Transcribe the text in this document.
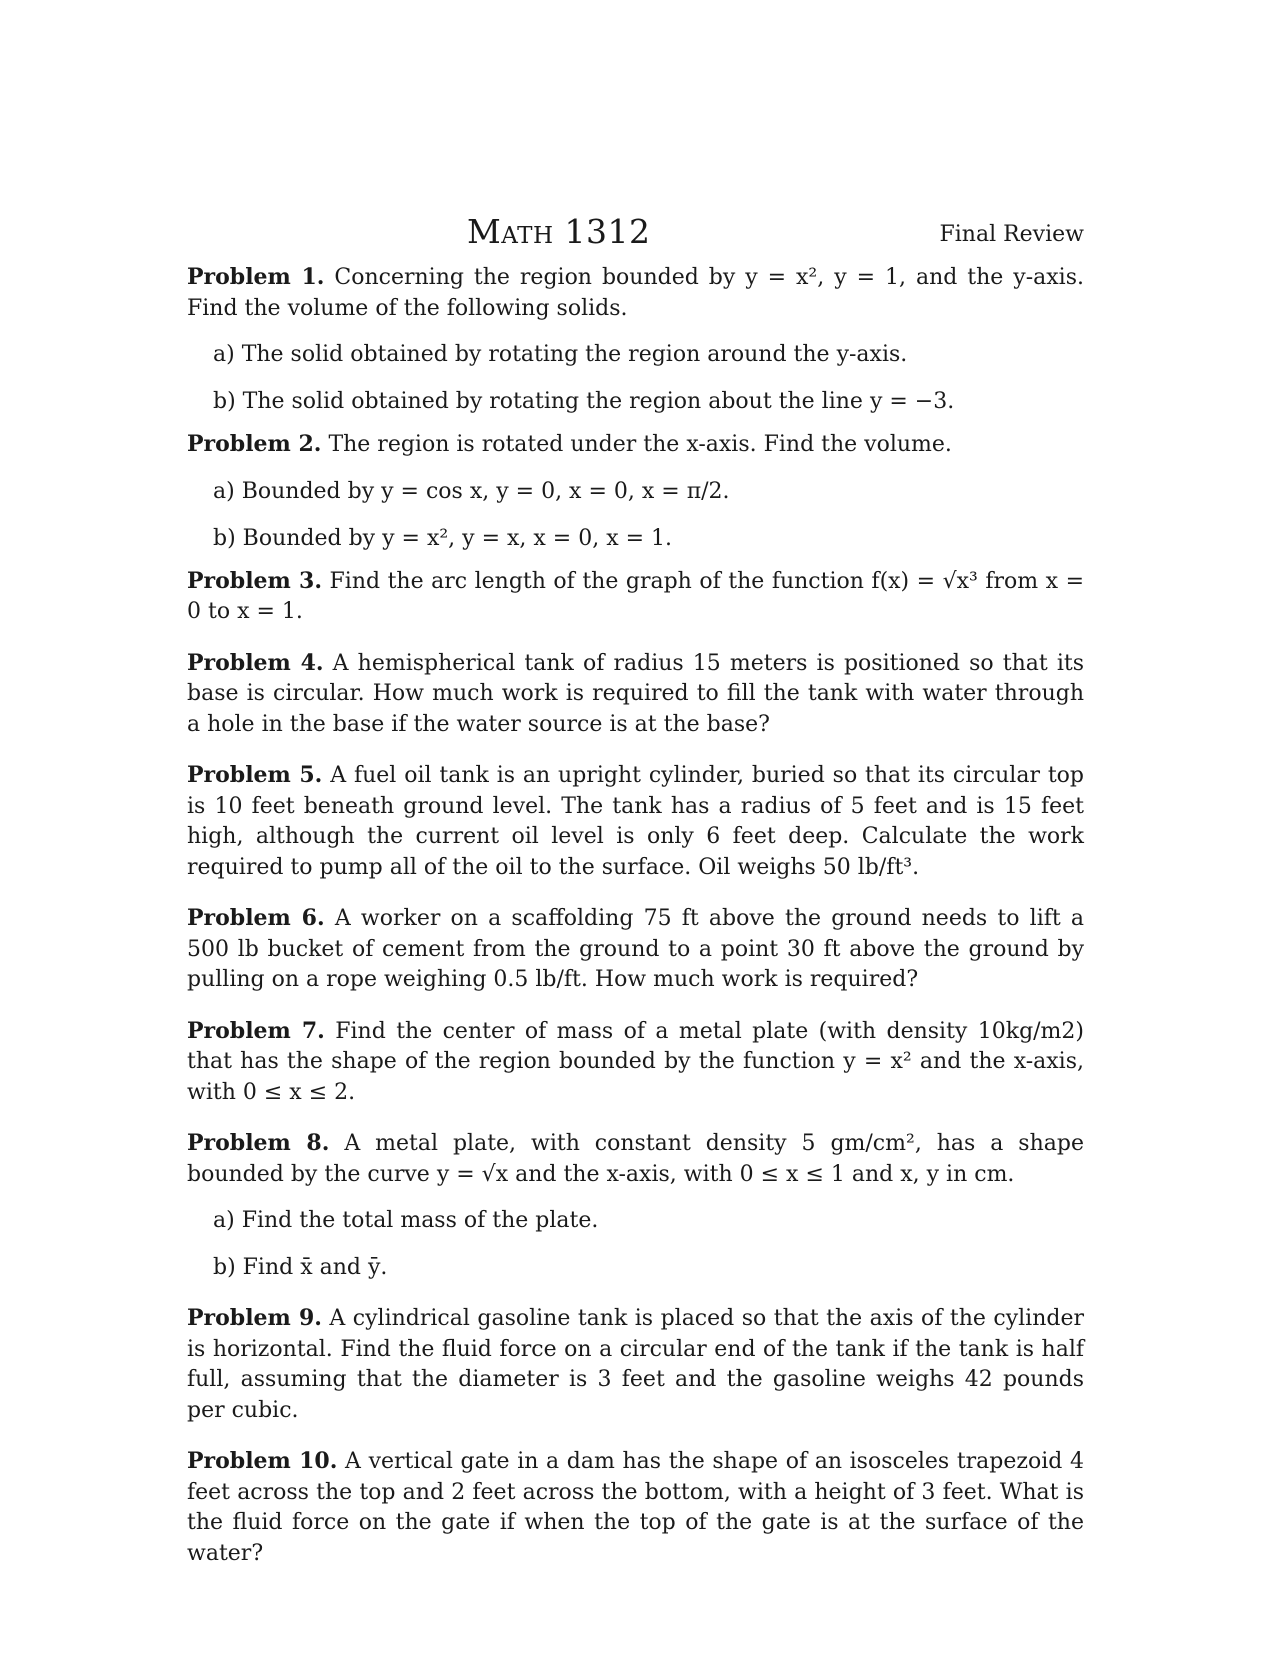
Math 1312	Final Review

Problem 1. Concerning the region bounded by y = x², y = 1, and the y-axis. Find the volume of the following solids.

a) The solid obtained by rotating the region around the y-axis.
b) The solid obtained by rotating the region about the line y = −3.

Problem 2. The region is rotated under the x-axis. Find the volume.

a) Bounded by y = cos x, y = 0, x = 0, x = π/2.
b) Bounded by y = x², y = x, x = 0, x = 1.

Problem 3. Find the arc length of the graph of the function f(x) = √x³ from x = 0 to x = 1.

Problem 4. A hemispherical tank of radius 15 meters is positioned so that its base is circular. How much work is required to fill the tank with water through a hole in the base if the water source is at the base?

Problem 5. A fuel oil tank is an upright cylinder, buried so that its circular top is 10 feet beneath ground level. The tank has a radius of 5 feet and is 15 feet high, although the current oil level is only 6 feet deep. Calculate the work required to pump all of the oil to the surface. Oil weighs 50 lb/ft³.

Problem 6. A worker on a scaffolding 75 ft above the ground needs to lift a 500 lb bucket of cement from the ground to a point 30 ft above the ground by pulling on a rope weighing 0.5 lb/ft. How much work is required?

Problem 7. Find the center of mass of a metal plate (with density 10kg/m2) that has the shape of the region bounded by the function y = x² and the x-axis, with 0 ≤ x ≤ 2.

Problem 8. A metal plate, with constant density 5 gm/cm², has a shape bounded by the curve y = √x and the x-axis, with 0 ≤ x ≤ 1 and x, y in cm.

a) Find the total mass of the plate.
b) Find x̄ and ȳ.

Problem 9. A cylindrical gasoline tank is placed so that the axis of the cylinder is horizontal. Find the fluid force on a circular end of the tank if the tank is half full, assuming that the diameter is 3 feet and the gasoline weighs 42 pounds per cubic.

Problem 10. A vertical gate in a dam has the shape of an isosceles trapezoid 4 feet across the top and 2 feet across the bottom, with a height of 3 feet. What is the fluid force on the gate if when the top of the gate is at the surface of the water?
